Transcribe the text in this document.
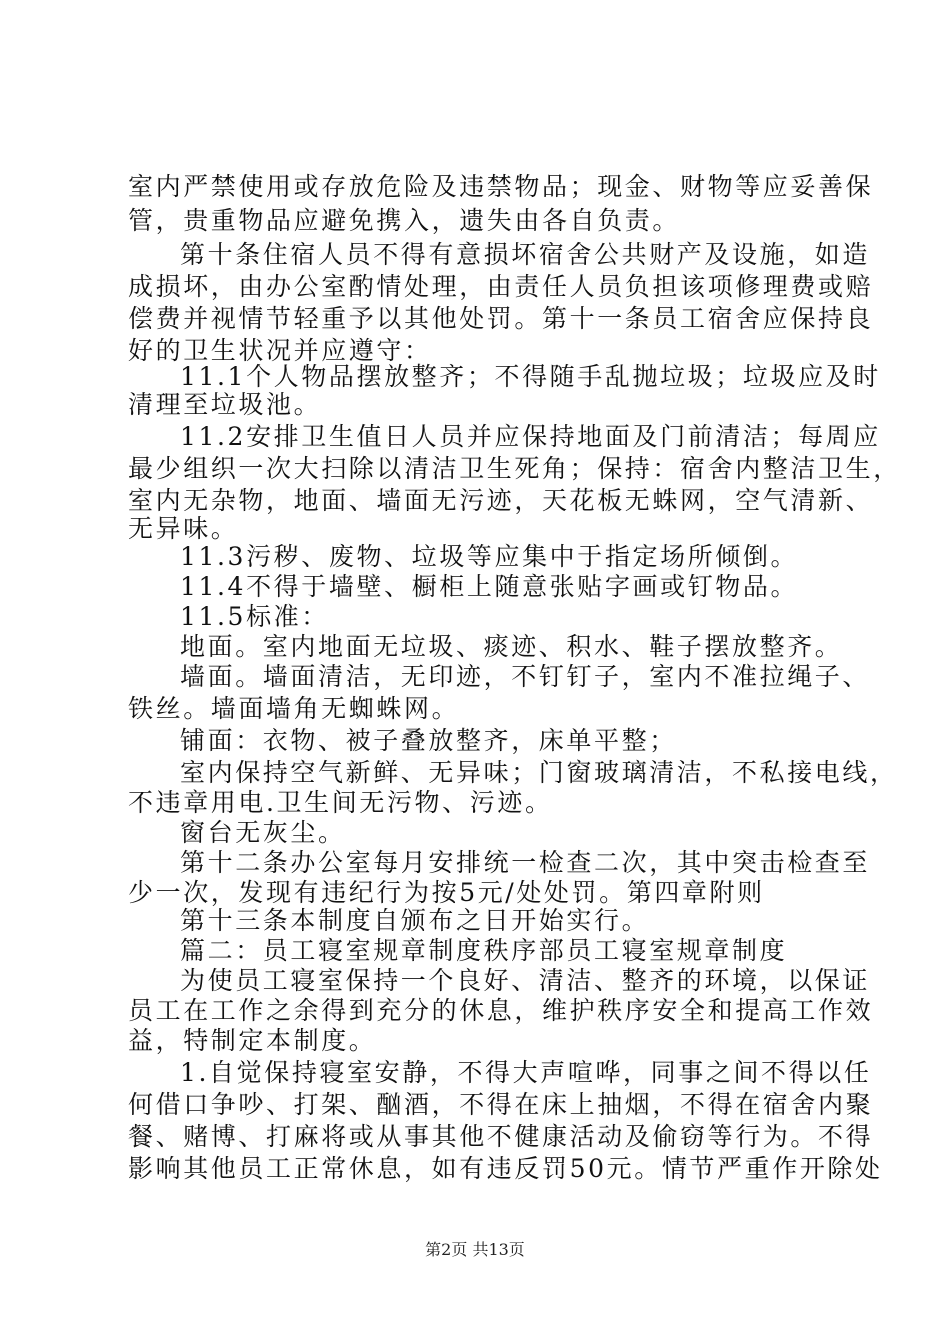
室内严禁使用或存放危险及违禁物品；现金、财物等应妥善保
管，贵重物品应避免携入，遗失由各自负责。
第十条住宿人员不得有意损坏宿舍公共财产及设施，如造
成损坏，由办公室酌情处理，由责任人员负担该项修理费或赔
偿费并视情节轻重予以其他处罚。第十一条员工宿舍应保持良
好的卫生状况并应遵守：
11.1个人物品摆放整齐；不得随手乱抛垃圾；垃圾应及时
清理至垃圾池。
11.2安排卫生值日人员并应保持地面及门前清洁；每周应
最少组织一次大扫除以清洁卫生死角；保持：宿舍内整洁卫生，
室内无杂物，地面、墙面无污迹，天花板无蛛网，空气清新、
无异味。
11.3污秽、废物、垃圾等应集中于指定场所倾倒。
11.4不得于墙壁、橱柜上随意张贴字画或钉物品。
11.5标准：
地面。室内地面无垃圾、痰迹、积水、鞋子摆放整齐。
墙面。墙面清洁，无印迹，不钉钉子，室内不准拉绳子、
铁丝。墙面墙角无蜘蛛网。
铺面：衣物、被子叠放整齐，床单平整；
室内保持空气新鲜、无异味；门窗玻璃清洁，不私接电线，
不违章用电.卫生间无污物、污迹。
窗台无灰尘。
第十二条办公室每月安排统一检查二次，其中突击检查至
少一次，发现有违纪行为按5元/处处罚。第四章附则
第十三条本制度自颁布之日开始实行。
篇二：员工寝室规章制度秩序部员工寝室规章制度
为使员工寝室保持一个良好、清洁、整齐的环境，以保证
员工在工作之余得到充分的休息，维护秩序安全和提高工作效
益，特制定本制度。
1.自觉保持寝室安静，不得大声喧哗，同事之间不得以任
何借口争吵、打架、酗酒，不得在床上抽烟，不得在宿舍内聚
餐、赌博、打麻将或从事其他不健康活动及偷窃等行为。不得
影响其他员工正常休息，如有违反罚50元。情节严重作开除处
第2页 共13页
